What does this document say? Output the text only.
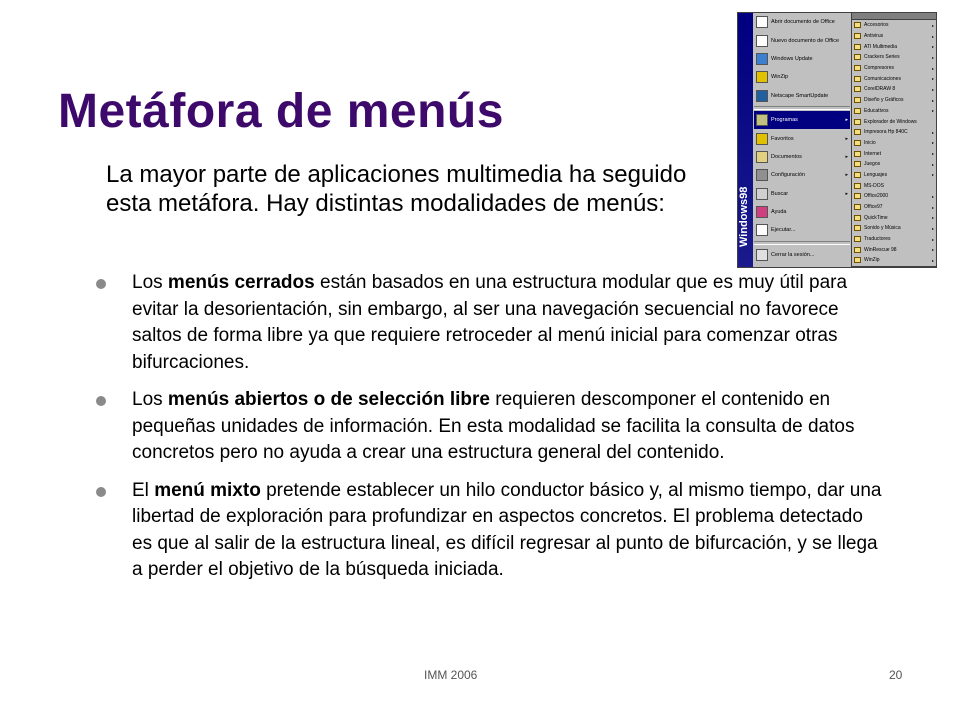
Metáfora de menús
La mayor parte de aplicaciones multimedia ha seguido esta metáfora. Hay distintas modalidades de menús:
Los menús cerrados están basados en una estructura modular que es muy útil para evitar la desorientación, sin embargo, al ser una navegación secuencial no favorece saltos de forma libre ya que requiere retroceder al menú inicial para comenzar otras bifurcaciones.
Los menús abiertos o de selección libre requieren descomponer el contenido en pequeñas unidades de información. En esta modalidad se facilita la consulta de datos concretos pero no ayuda a crear una estructura general del contenido.
El menú mixto pretende establecer un hilo conductor básico y, al mismo tiempo, dar una libertad de exploración para profundizar en aspectos concretos. El problema detectado es que al salir de la estructura lineal, es difícil regresar al punto de bifurcación, y se llega a perder el objetivo de la búsqueda iniciada.
Windows98
Abrir documento de Office
Nuevo documento de Office
Windows Update
WinZip
Netscape SmartUpdate
Programas	▸
Favoritos	▸
Documentos	▸
Configuración	▸
Buscar	▸
Ayuda
Ejecutar...
Cerrar la sesión...
Accesorios	▸
Antivirus	▸
ATI Multimedia	▸
Crackers Series	▸
Compresores	▸
Comunicaciones	▸
CorelDRAW 8	▸
Diseño y Gráficos	▸
Educativos	▸
Explorador de Windows
Impresora Hp 840C	▸
Inicio	▸
Internet	▸
Juegos	▸
Lenguajes	▸
MS-DOS
Office2000	▸
Office97	▸
QuickTime	▸
Sonido y Música	▸
Traductores	▸
WinRescue 98	▸
WinZip	▸
IMM 2006	20
